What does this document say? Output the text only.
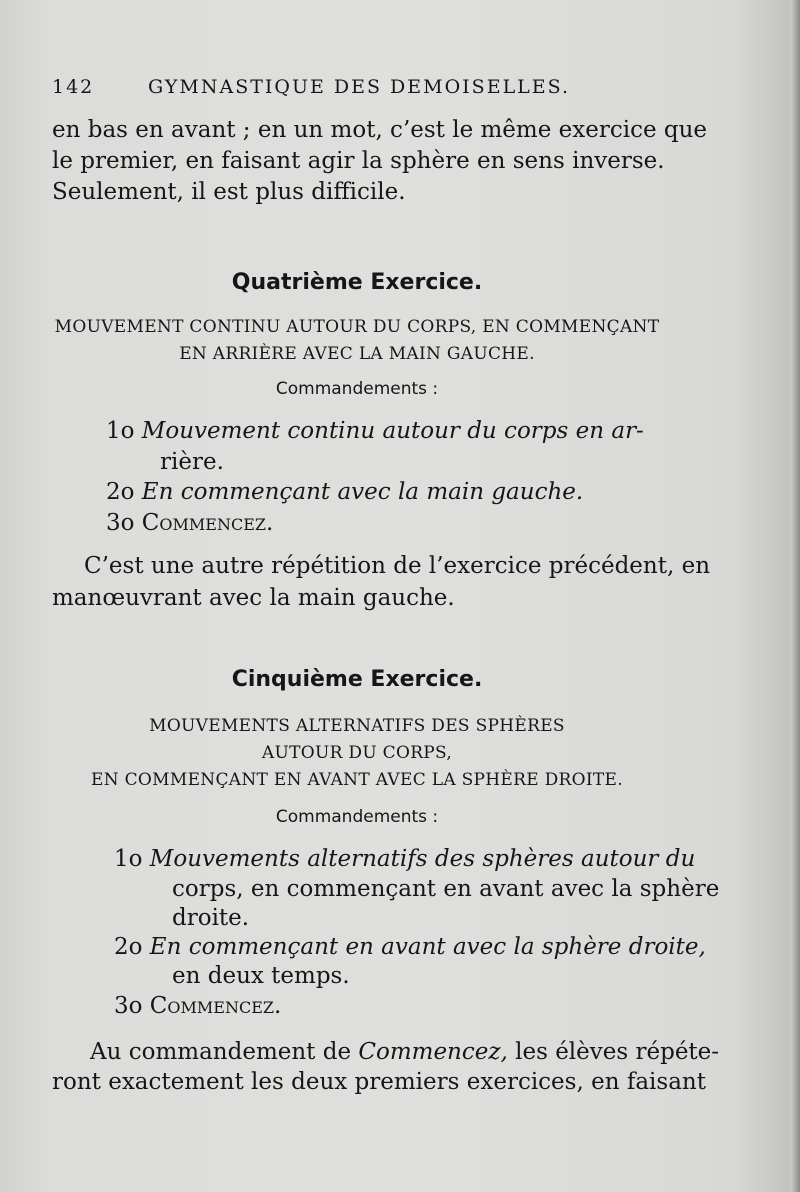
142	GYMNASTIQUE DES DEMOISELLES.
en bas en avant ; en un mot, c’est le même exercice que
le premier, en faisant agir la sphère en sens inverse.
Seulement, il est plus difficile.
Quatrième Exercice.
MOUVEMENT CONTINU AUTOUR DU CORPS, EN COMMENÇANT
EN ARRIÈRE AVEC LA MAIN GAUCHE.
Commandements :
1o Mouvement continu autour du corps en ar-
rière.
2o En commençant avec la main gauche.
3o Commencez.
C’est une autre répétition de l’exercice précédent, en
manœuvrant avec la main gauche.
Cinquième Exercice.
MOUVEMENTS ALTERNATIFS DES SPHÈRES
AUTOUR DU CORPS,
EN COMMENÇANT EN AVANT AVEC LA SPHÈRE DROITE.
Commandements :
1o Mouvements alternatifs des sphères autour du
corps, en commençant en avant avec la sphère
droite.
2o En commençant en avant avec la sphère droite,
en deux temps.
3o Commencez.
Au commandement de Commencez, les élèves répéte-
ront exactement les deux premiers exercices, en faisant
